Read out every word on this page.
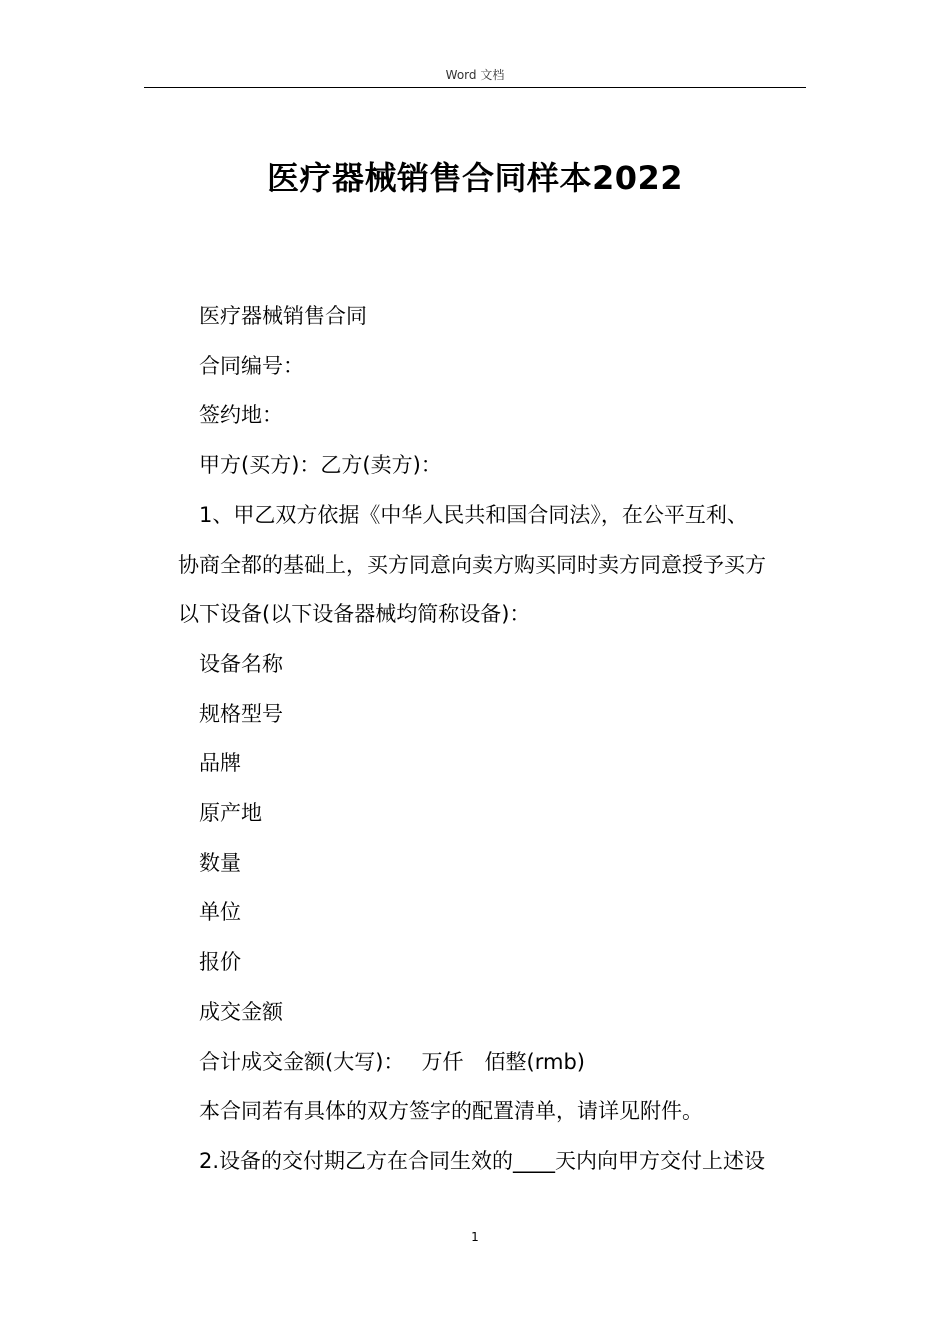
Word 文档
医疗器械销售合同样本2022

医疗器械销售合同

合同编号：

签约地：

甲方(买方)：乙方(卖方)：

1、甲乙双方依据《中华人民共和国合同法》，在公平互利、

协商全都的基础上，买方同意向卖方购买同时卖方同意授予买方

以下设备(以下设备器械均简称设备)：

设备名称

规格型号

品牌

原产地

数量

单位

报价

成交金额

合计成交金额(大写)：　 万仟　佰整(rmb)

本合同若有具体的双方签字的配置清单，请详见附件。

2.设备的交付期乙方在合同生效的____天内向甲方交付上述设

1
